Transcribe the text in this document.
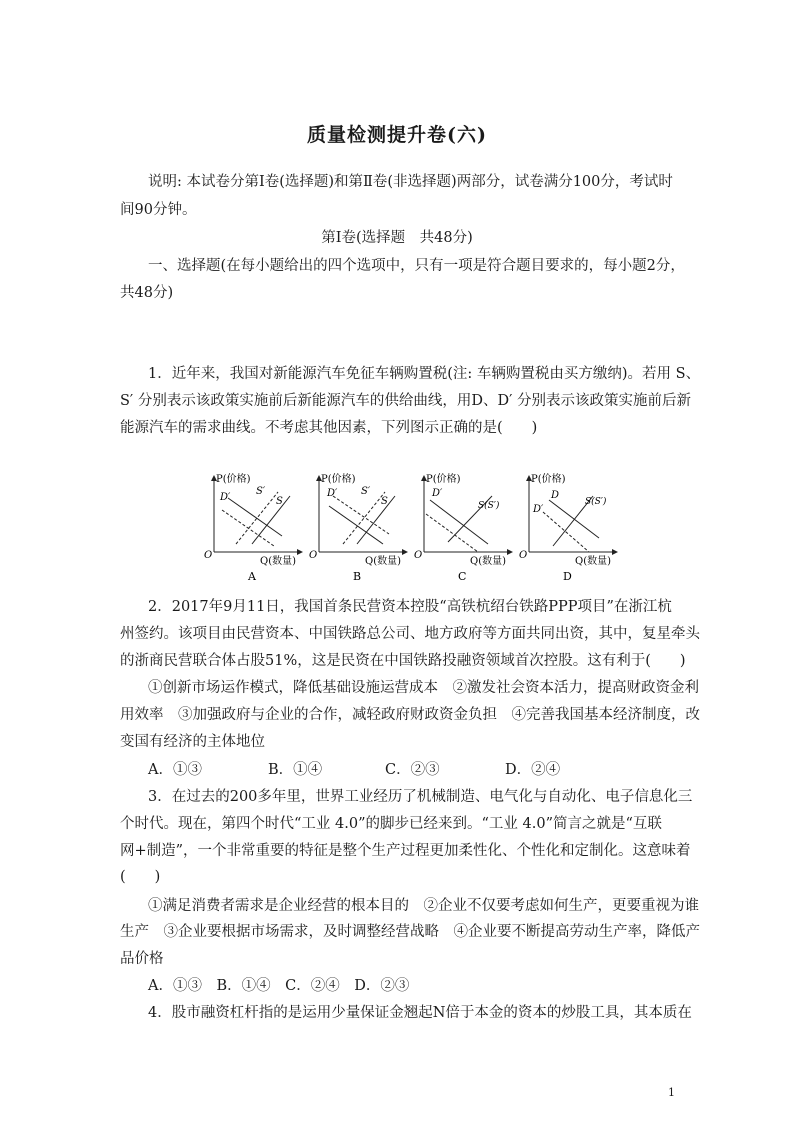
质量检测提升卷(六)
说明: 本试卷分第Ⅰ卷(选择题)和第Ⅱ卷(非选择题)两部分，试卷满分100分，考试时
间90分钟。
第Ⅰ卷(选择题　共48分)
一、选择题(在每小题给出的四个选项中，只有一项是符合题目要求的，每小题2分，
共48分)
1．近年来，我国对新能源汽车免征车辆购置税(注: 车辆购置税由买方缴纳)。若用 S、
S′ 分别表示该政策实施前后新能源汽车的供给曲线，用D、D′ 分别表示该政策实施前后新
能源汽车的需求曲线。不考虑其他因素，下列图示正确的是(　　)
P(价格)
O
Q(数量)
D′
S′
S
A
P(价格)
O
Q(数量)
D′ S′
S
B
P(价格)
O
Q(数量)
D′
S(S′)
C
P(价格)
O
Q(数量)
D
D′
S(S′)
D
2．2017年9月11日，我国首条民营资本控股“高铁杭绍台铁路PPP项目”在浙江杭
州签约。该项目由民营资本、中国铁路总公司、地方政府等方面共同出资，其中，复星牵头
的浙商民营联合体占股51%，这是民资在中国铁路投融资领域首次控股。这有利于(　　)
①创新市场运作模式，降低基础设施运营成本　②激发社会资本活力，提高财政资金利
用效率　③加强政府与企业的合作，减轻政府财政资金负担　④完善我国基本经济制度，改
变国有经济的主体地位
A．①③	B．①④	C．②③	D．②④
3．在过去的200多年里，世界工业经历了机械制造、电气化与自动化、电子信息化三
个时代。现在，第四个时代“工业 4.0”的脚步已经来到。“工业 4.0”简言之就是“互联
网+制造”，一个非常重要的特征是整个生产过程更加柔性化、个性化和定制化。这意味着
(　　)
①满足消费者需求是企业经营的根本目的　②企业不仅要考虑如何生产，更要重视为谁
生产　③企业要根据市场需求，及时调整经营战略　④企业要不断提高劳动生产率，降低产
品价格
A．①③　B．①④　C．②④　D．②③
4．股市融资杠杆指的是运用少量保证金翘起N倍于本金的资本的炒股工具，其本质在
1
